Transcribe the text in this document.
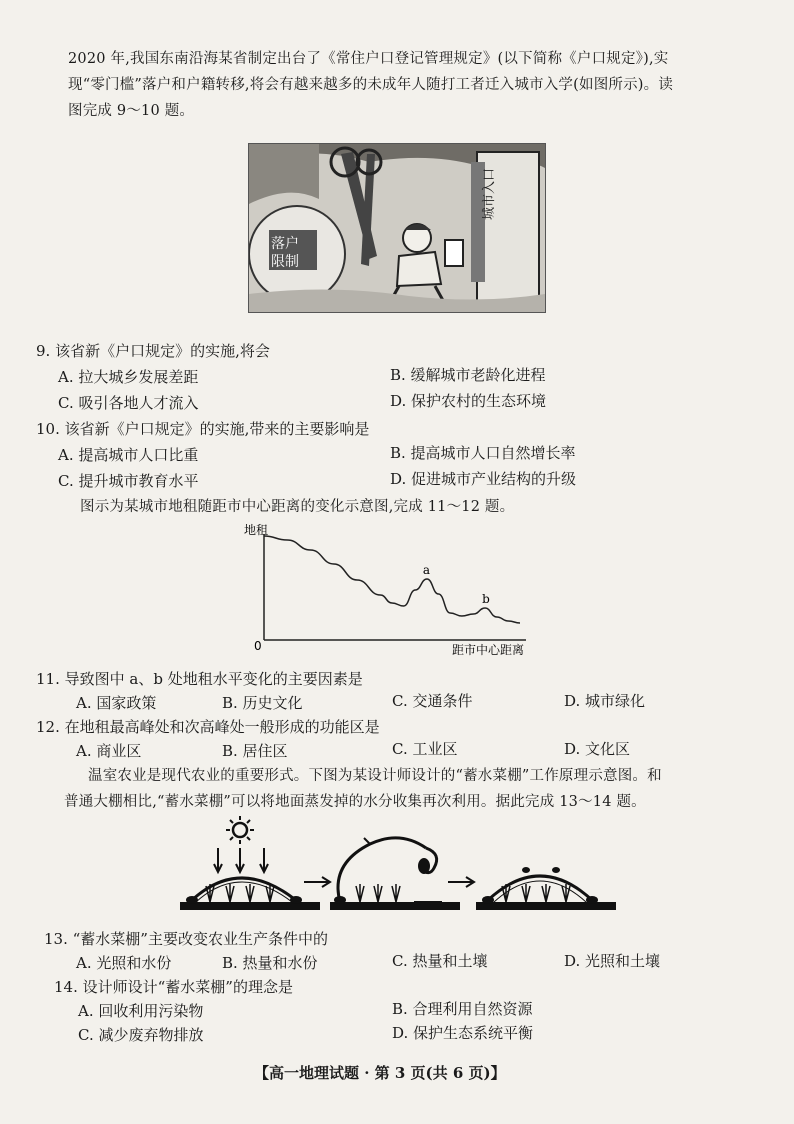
2020 年,我国东南沿海某省制定出台了《常住户口登记管理规定》(以下简称《户口规定》),实
现“零门槛”落户和户籍转移,将会有越来越多的未成年人随打工者迁入城市入学(如图所示)。读
图完成 9～10 题。
落户
限制
城市入口
9. 该省新《户口规定》的实施,将会
A. 拉大城乡发展差距	B. 缓解城市老龄化进程
C. 吸引各地人才流入	D. 保护农村的生态环境
10. 该省新《户口规定》的实施,带来的主要影响是
A. 提高城市人口比重	B. 提高城市人口自然增长率
C. 提升城市教育水平	D. 促进城市产业结构的升级
图示为某城市地租随距市中心距离的变化示意图,完成 11～12 题。
地租
0	距市中心距离
a
b
11. 导致图中 a、b 处地租水平变化的主要因素是
A. 国家政策	B. 历史文化	C. 交通条件	D. 城市绿化
12. 在地租最高峰处和次高峰处一般形成的功能区是
A. 商业区	B. 居住区	C. 工业区	D. 文化区
温室农业是现代农业的重要形式。下图为某设计师设计的“蓄水菜棚”工作原理示意图。和
普通大棚相比,“蓄水菜棚”可以将地面蒸发掉的水分收集再次利用。据此完成 13～14 题。
13. “蓄水菜棚”主要改变农业生产条件中的
A. 光照和水份	B. 热量和水份	C. 热量和土壤	D. 光照和土壤
14. 设计师设计“蓄水菜棚”的理念是
A. 回收利用污染物	B. 合理利用自然资源
C. 减少废弃物排放	D. 保护生态系统平衡
【高一地理试题 · 第 3 页(共 6 页)】
